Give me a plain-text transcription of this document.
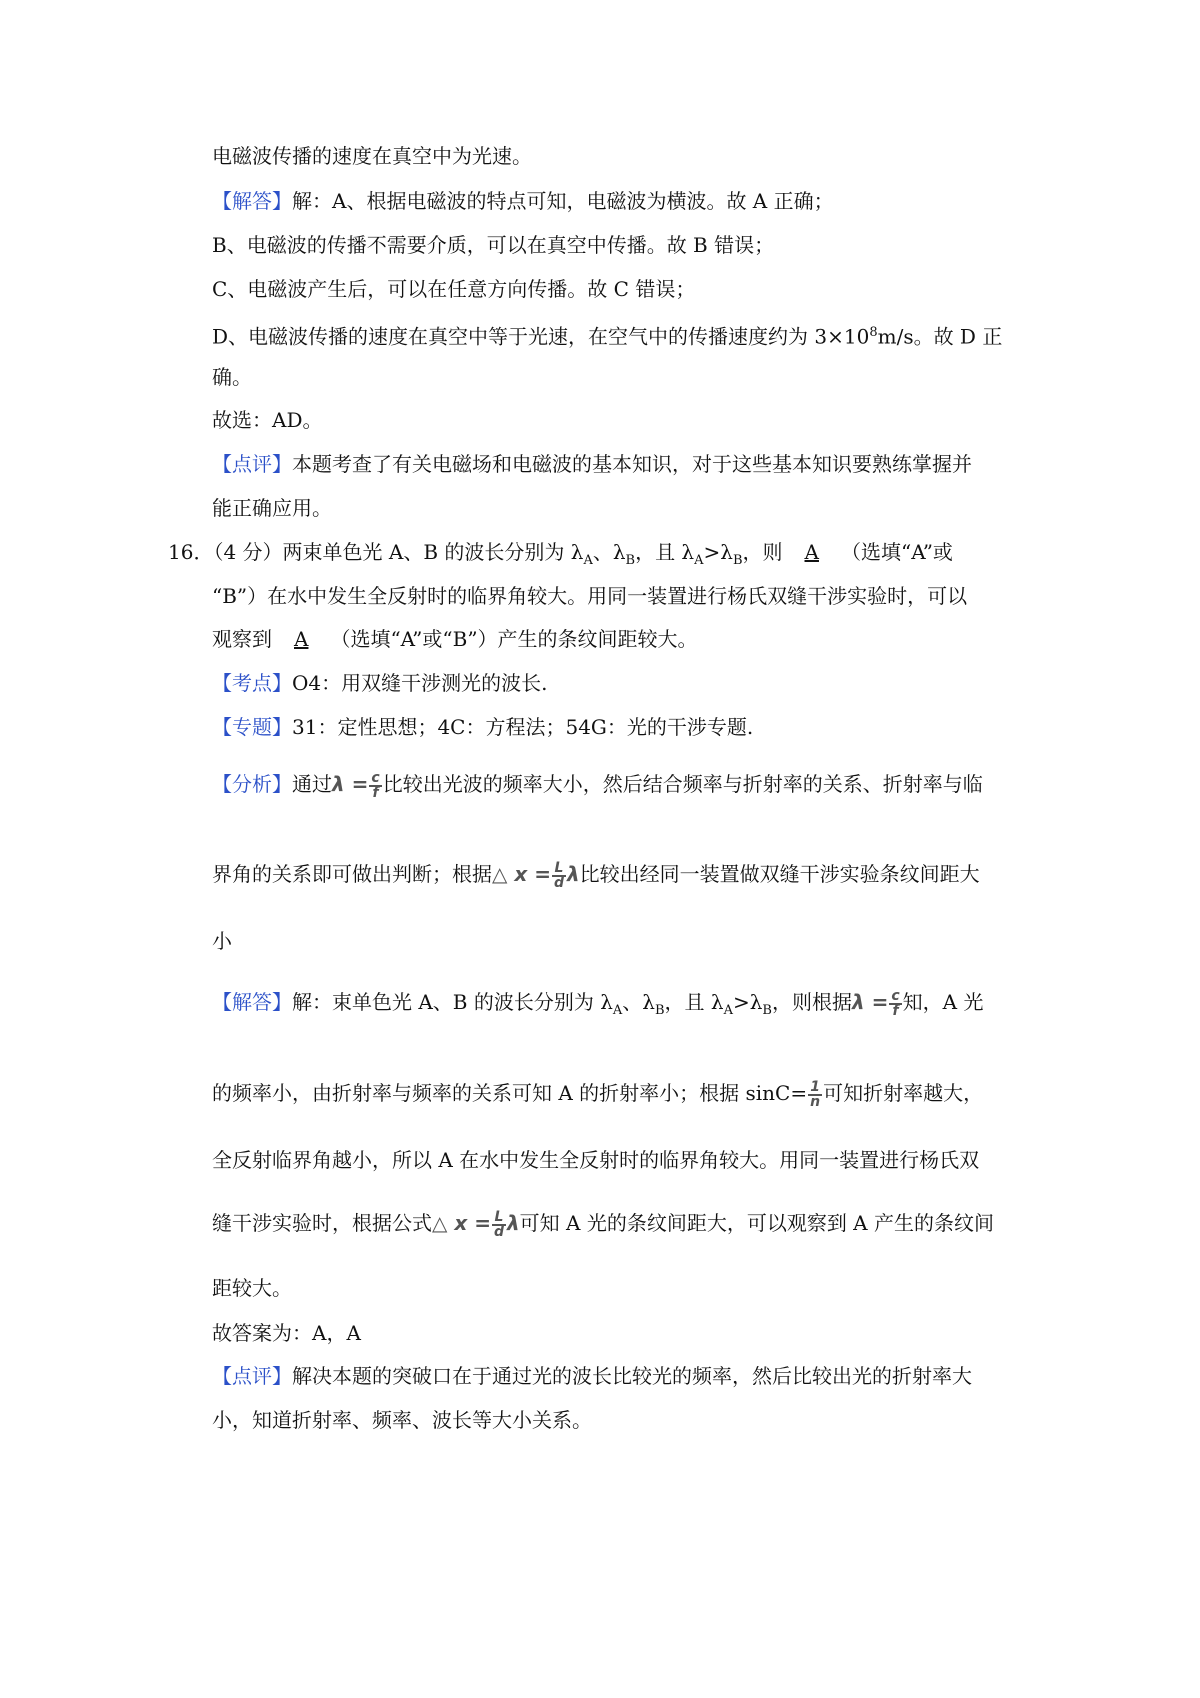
电磁波传播的速度在真空中为光速。
【解答】解：A、根据电磁波的特点可知，电磁波为横波。故 A 正确；
B、电磁波的传播不需要介质，可以在真空中传播。故 B 错误；
C、电磁波产生后，可以在任意方向传播。故 C 错误；
D、电磁波传播的速度在真空中等于光速，在空气中的传播速度约为 $3\times 10^8m/s$。故 D 正
确。
故选：AD。
【点评】本题考查了有关电磁场和电磁波的基本知识，对于这些基本知识要熟练掌握并
能正确应用。
16．（4 分）两束单色光 A、B 的波长分别为 $\lambda_A$、$\lambda_B$，且 $\lambda_A>\lambda_B$，则 A （选填“A”或
“B”）在水中发生全反射时的临界角较大。用同一装置进行杨氏双缝干涉实验时，可以
观察到 A （选填“A”或“B”）产生的条纹间距较大。
【考点】O4：用双缝干涉测光的波长.
【专题】31：定性思想；4C：方程法；54G：光的干涉专题.
【分析】通过$\lambda = \frac{c}{f}$ 比较出光波的频率大小，然后结合频率与折射率的关系、折射率与临
界角的关系即可做出判断；根据△ $x = \frac{L}{d}$ λ比较出经同一装置做双缝干涉实验条纹间距大
小
【解答】解：束单色光 A、B 的波长分别为 $\lambda_A$、$\lambda_B$，且 $\lambda_A>\lambda_B$，则根据$\lambda = \frac{c}{f}$ 知，A 光
的频率小，由折射率与频率的关系可知 A 的折射率小；根据 $\sin C= \frac{1}{n}$ 可知折射率越大，
全反射临界角越小，所以 A 在水中发生全反射时的临界角较大。用同一装置进行杨氏双
缝干涉实验时，根据公式△ $x = \frac{L}{d}$ λ可知 A 光的条纹间距大，可以观察到 A 产生的条纹间
距较大。
故答案为：A，A
【点评】解决本题的突破口在于通过光的波长比较光的频率，然后比较出光的折射率大
小，知道折射率、频率、波长等大小关系。
